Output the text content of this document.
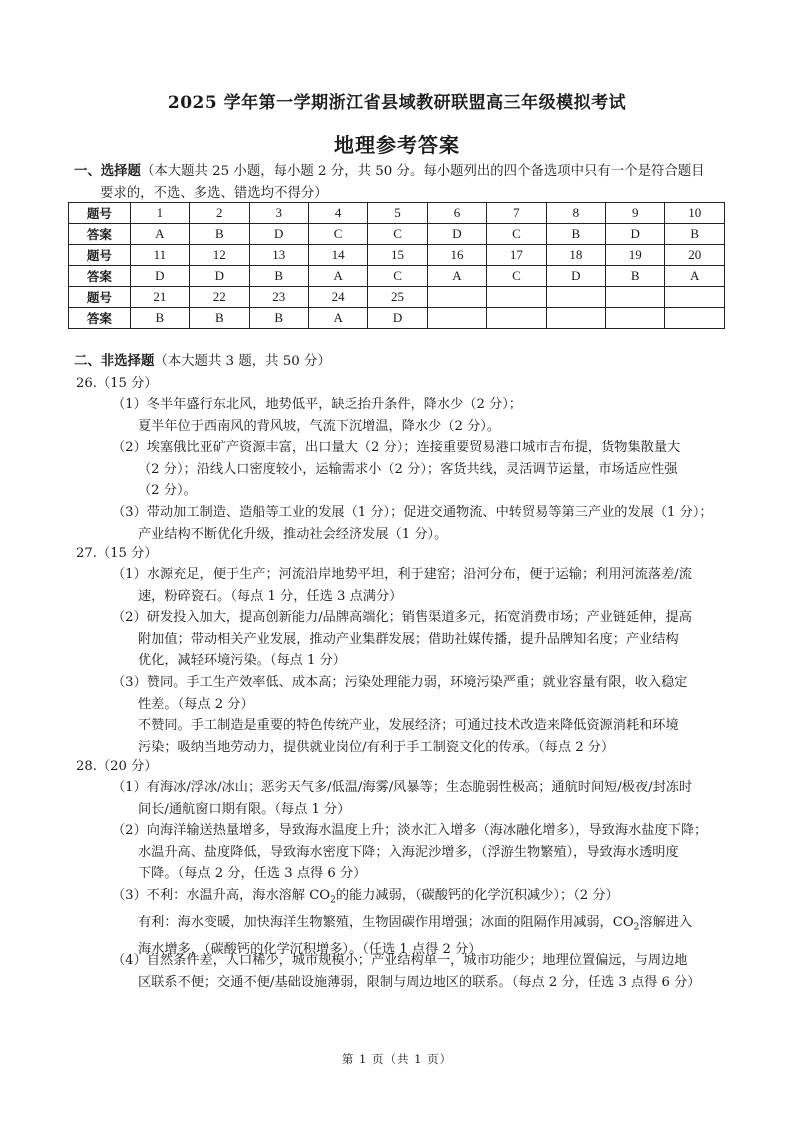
2025 学年第一学期浙江省县域教研联盟高三年级模拟考试
地理参考答案
一、选择题（本大题共 25 小题，每小题 2 分，共 50 分。每小题列出的四个备选项中只有一个是符合题目
要求的，不选、多选、错选均不得分）
题号	1	2	3	4	5	6	7	8	9	10
答案	A	B	D	C	C	D	C	B	D	B
题号	11	12	13	14	15	16	17	18	19	20
答案	D	D	B	A	C	A	C	D	B	A
题号	21	22	23	24	25					
答案	B	B	B	A	D					
二、非选择题（本大题共 3 题，共 50 分）
26.（15 分）
（1）冬半年盛行东北风，地势低平，缺乏抬升条件，降水少（2 分）；
夏半年位于西南风的背风坡，气流下沉增温，降水少（2 分）。
（2）埃塞俄比亚矿产资源丰富，出口量大（2 分）；连接重要贸易港口城市吉布提，货物集散量大
（2 分）；沿线人口密度较小，运输需求小（2 分）；客货共线，灵活调节运量，市场适应性强
（2 分）。
（3）带动加工制造、造船等工业的发展（1 分）；促进交通物流、中转贸易等第三产业的发展（1 分）；
产业结构不断优化升级，推动社会经济发展（1 分）。
27.（15 分）
（1）水源充足，便于生产；河流沿岸地势平坦，利于建窑；沿河分布，便于运输；利用河流落差/流
速，粉碎瓷石。（每点 1 分，任选 3 点满分）
（2）研发投入加大，提高创新能力/品牌高端化；销售渠道多元，拓宽消费市场；产业链延伸，提高
附加值；带动相关产业发展，推动产业集群发展；借助社媒传播，提升品牌知名度；产业结构
优化，减轻环境污染。（每点 1 分）
（3）赞同。手工生产效率低、成本高；污染处理能力弱，环境污染严重；就业容量有限，收入稳定
性差。（每点 2 分）
不赞同。手工制造是重要的特色传统产业，发展经济；可通过技术改造来降低资源消耗和环境
污染；吸纳当地劳动力，提供就业岗位/有利于手工制瓷文化的传承。（每点 2 分）
28.（20 分）
（1）有海冰/浮冰/冰山；恶劣天气多/低温/海雾/风暴等；生态脆弱性极高；通航时间短/极夜/封冻时
间长/通航窗口期有限。（每点 1 分）
（2）向海洋输送热量增多，导致海水温度上升；淡水汇入增多（海冰融化增多），导致海水盐度下降；
水温升高、盐度降低，导致海水密度下降；入海泥沙增多，（浮游生物繁殖），导致海水透明度
下降。（每点 2 分，任选 3 点得 6 分）
（3）不利：水温升高，海水溶解 $CO_2$的能力减弱，（碳酸钙的化学沉积减少）；（2 分）
有利：海水变暖，加快海洋生物繁殖，生物固碳作用增强；冰面的阻隔作用减弱，$CO_2$溶解进入
海水增多，（碳酸钙的化学沉积增多）。（任选 1 点得 2 分）
（4）自然条件差，人口稀少，城市规模小；产业结构单一，城市功能少；地理位置偏远，与周边地
区联系不便；交通不便/基础设施薄弱，限制与周边地区的联系。（每点 2 分，任选 3 点得 6 分）
第 1 页（共 1 页）
